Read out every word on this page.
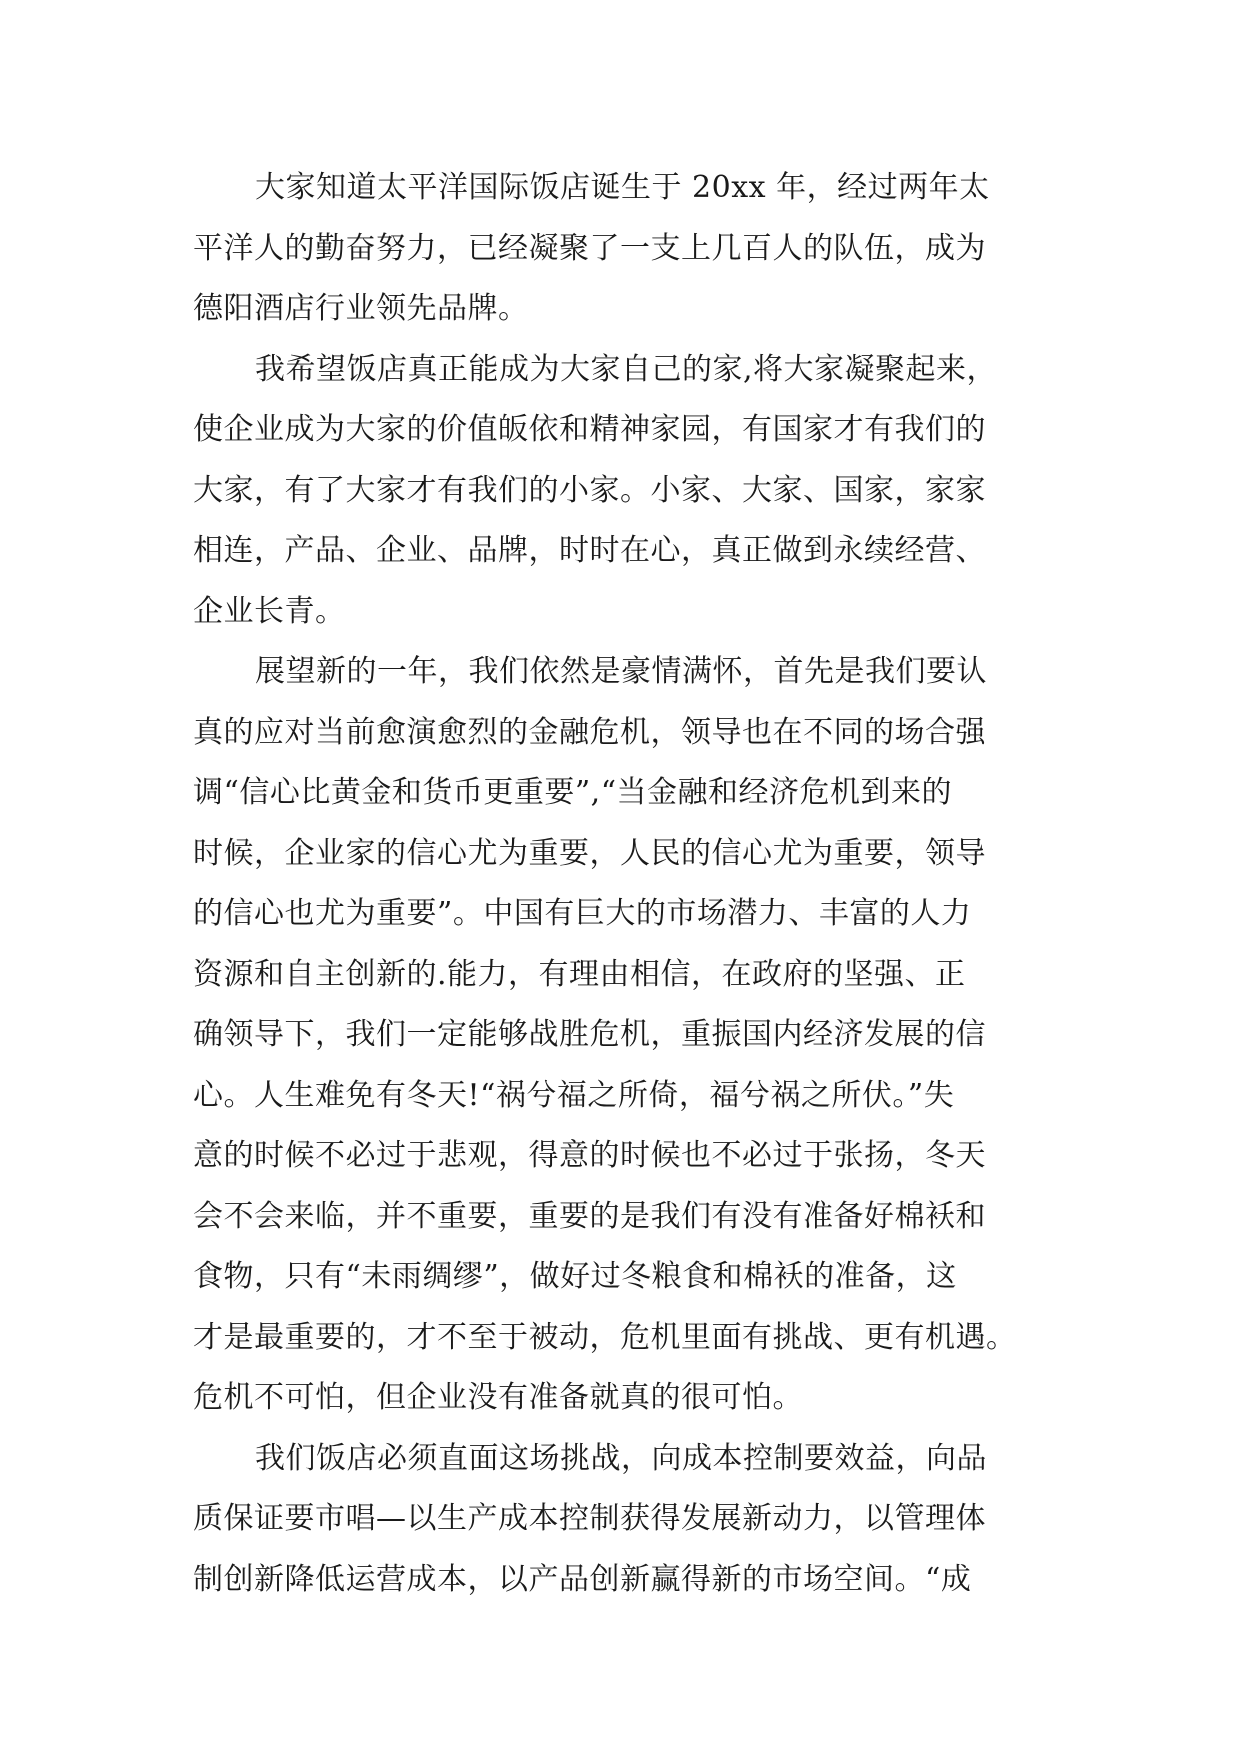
大家知道太平洋国际饭店诞生于 20xx 年，经过两年太
平洋人的勤奋努力，已经凝聚了一支上几百人的队伍，成为
德阳酒店行业领先品牌。
我希望饭店真正能成为大家自己的家,将大家凝聚起来，
使企业成为大家的价值皈依和精神家园，有国家才有我们的
大家，有了大家才有我们的小家。小家、大家、国家，家家
相连，产品、企业、品牌，时时在心，真正做到永续经营、
企业长青。
展望新的一年，我们依然是豪情满怀，首先是我们要认
真的应对当前愈演愈烈的金融危机，领导也在不同的场合强
调“信心比黄金和货币更重要”,“当金融和经济危机到来的
时候，企业家的信心尤为重要，人民的信心尤为重要，领导
的信心也尤为重要”。中国有巨大的市场潜力、丰富的人力
资源和自主创新的.能力，有理由相信，在政府的坚强、正
确领导下，我们一定能够战胜危机，重振国内经济发展的信
心。人生难免有冬天!“祸兮福之所倚，福兮祸之所伏。”失
意的时候不必过于悲观，得意的时候也不必过于张扬，冬天
会不会来临，并不重要，重要的是我们有没有准备好棉袄和
食物，只有“未雨绸缪”，做好过冬粮食和棉袄的准备，这
才是最重要的，才不至于被动，危机里面有挑战、更有机遇。
危机不可怕，但企业没有准备就真的很可怕。
我们饭店必须直面这场挑战，向成本控制要效益，向品
质保证要市唱—以生产成本控制获得发展新动力，以管理体
制创新降低运营成本，以产品创新赢得新的市场空间。“成
